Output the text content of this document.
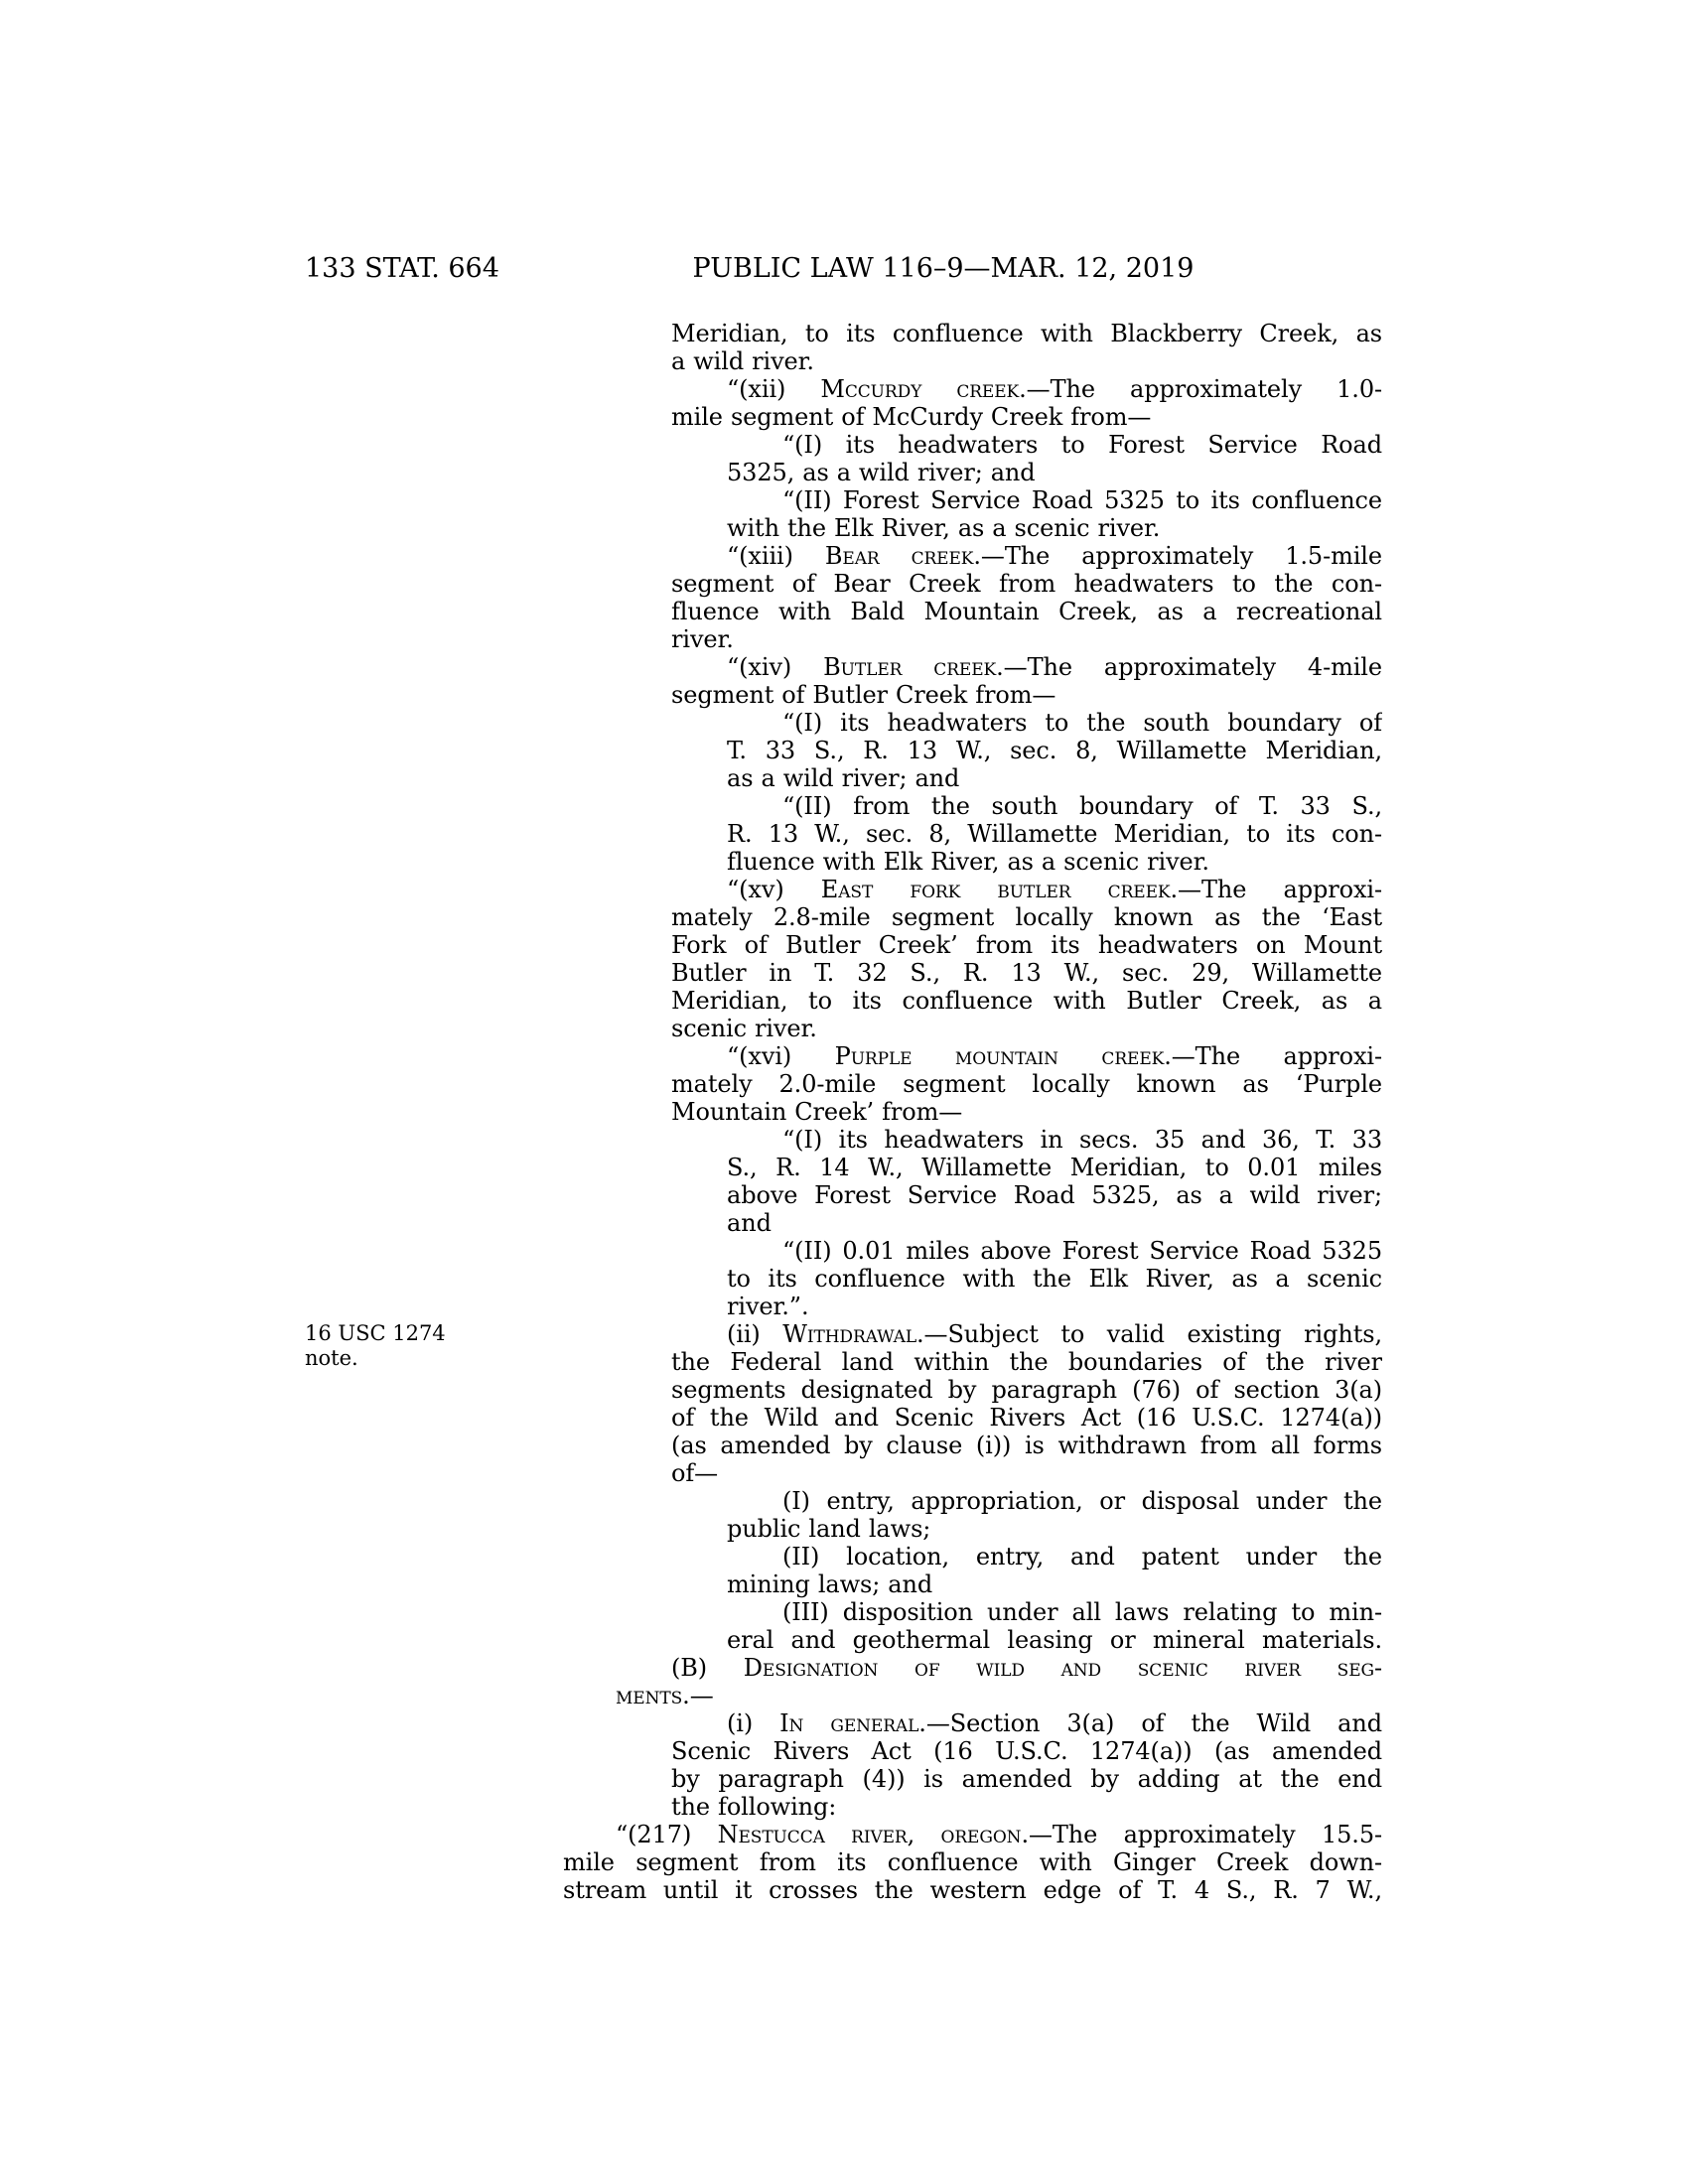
133 STAT. 664	PUBLIC LAW 116–9—MAR. 12, 2019
16 USC 1274
note.
Meridian, to its confluence with Blackberry Creek, as
a wild river.
“(xii) Mccurdy creek.—The approximately 1.0-
mile segment of McCurdy Creek from—
“(I) its headwaters to Forest Service Road
5325, as a wild river; and
“(II) Forest Service Road 5325 to its confluence
with the Elk River, as a scenic river.
“(xiii) Bear creek.—The approximately 1.5-mile
segment of Bear Creek from headwaters to the con-
fluence with Bald Mountain Creek, as a recreational
river.
“(xiv) Butler creek.—The approximately 4-mile
segment of Butler Creek from—
“(I) its headwaters to the south boundary of
T. 33 S., R. 13 W., sec. 8, Willamette Meridian,
as a wild river; and
“(II) from the south boundary of T. 33 S.,
R. 13 W., sec. 8, Willamette Meridian, to its con-
fluence with Elk River, as a scenic river.
“(xv) East fork butler creek.—The approxi-
mately 2.8-mile segment locally known as the ‘East
Fork of Butler Creek’ from its headwaters on Mount
Butler in T. 32 S., R. 13 W., sec. 29, Willamette
Meridian, to its confluence with Butler Creek, as a
scenic river.
“(xvi) Purple mountain creek.—The approxi-
mately 2.0-mile segment locally known as ‘Purple
Mountain Creek’ from—
“(I) its headwaters in secs. 35 and 36, T. 33
S., R. 14 W., Willamette Meridian, to 0.01 miles
above Forest Service Road 5325, as a wild river;
and
“(II) 0.01 miles above Forest Service Road 5325
to its confluence with the Elk River, as a scenic
river.”.
(ii) Withdrawal.—Subject to valid existing rights,
the Federal land within the boundaries of the river
segments designated by paragraph (76) of section 3(a)
of the Wild and Scenic Rivers Act (16 U.S.C. 1274(a))
(as amended by clause (i)) is withdrawn from all forms
of—
(I) entry, appropriation, or disposal under the
public land laws;
(II) location, entry, and patent under the
mining laws; and
(III) disposition under all laws relating to min-
eral and geothermal leasing or mineral materials.
(B) Designation of wild and scenic river seg-
ments.—
(i) In general.—Section 3(a) of the Wild and
Scenic Rivers Act (16 U.S.C. 1274(a)) (as amended
by paragraph (4)) is amended by adding at the end
the following:
“(217) Nestucca river, oregon.—The approximately 15.5-
mile segment from its confluence with Ginger Creek down-
stream until it crosses the western edge of T. 4 S., R. 7 W.,
